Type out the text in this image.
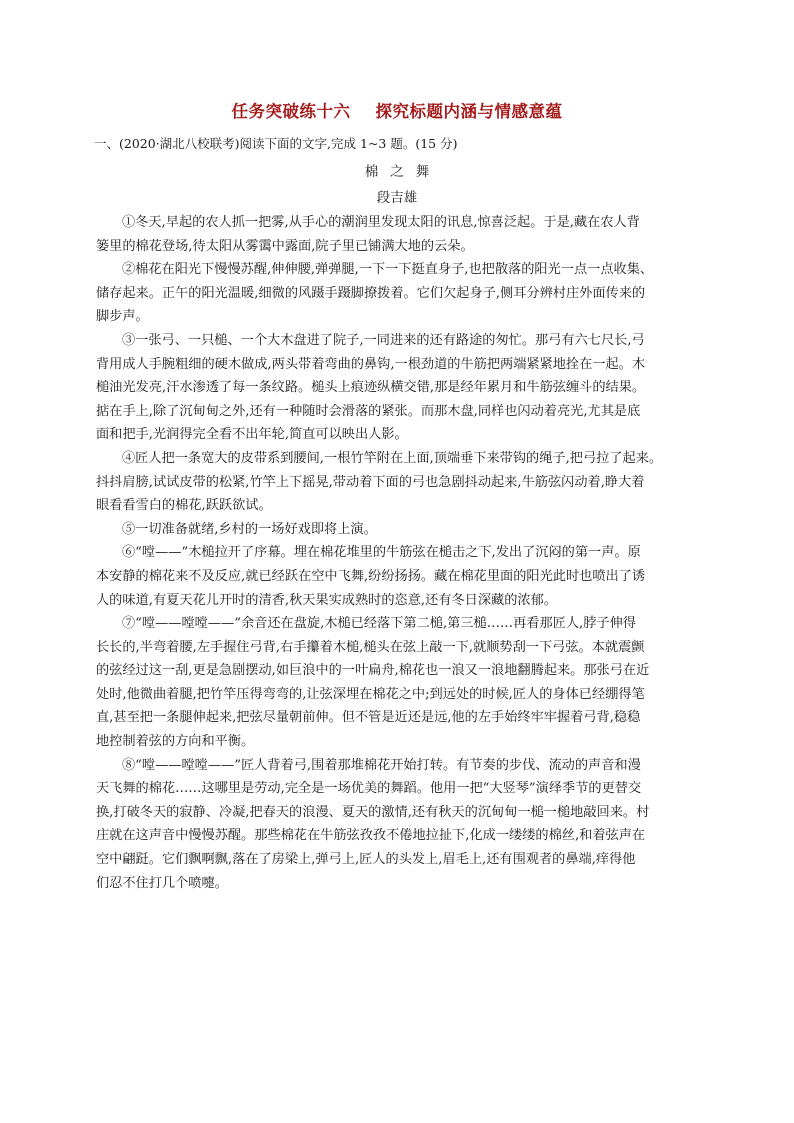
任务突破练十六    探究标题内涵与情感意蕴
一、(2020·湖北八校联考)阅读下面的文字,完成 1~3 题。(15 分)
棉之舞
段吉雄

①冬天,早起的农人抓一把雾,从手心的潮润里发现太阳的讯息,惊喜泛起。于是,藏在农人背
篓里的棉花登场,待太阳从雾霭中露面,院子里已铺满大地的云朵。

②棉花在阳光下慢慢苏醒,伸伸腰,弹弹腿,一下一下挺直身子,也把散落的阳光一点一点收集、
储存起来。正午的阳光温暖,细微的风蹑手蹑脚撩拨着。它们欠起身子,侧耳分辨村庄外面传来的
脚步声。

③一张弓、一只槌、一个大木盘进了院子,一同进来的还有路途的匆忙。那弓有六七尺长,弓
背用成人手腕粗细的硬木做成,两头带着弯曲的鼻钩,一根劲道的牛筋把两端紧紧地拴在一起。木
槌油光发亮,汗水渗透了每一条纹路。槌头上痕迹纵横交错,那是经年累月和牛筋弦缠斗的结果。
掂在手上,除了沉甸甸之外,还有一种随时会滑落的紧张。而那木盘,同样也闪动着亮光,尤其是底
面和把手,光润得完全看不出年轮,简直可以映出人影。

④匠人把一条宽大的皮带系到腰间,一根竹竿附在上面,顶端垂下来带钩的绳子,把弓拉了起来。
抖抖肩膀,试试皮带的松紧,竹竿上下摇晃,带动着下面的弓也急剧抖动起来,牛筋弦闪动着,睁大着
眼看看雪白的棉花,跃跃欲试。

⑤一切准备就绪,乡村的一场好戏即将上演。

⑥“嘡——”木槌拉开了序幕。埋在棉花堆里的牛筋弦在槌击之下,发出了沉闷的第一声。原
本安静的棉花来不及反应,就已经跃在空中飞舞,纷纷扬扬。藏在棉花里面的阳光此时也喷出了诱
人的味道,有夏天花儿开时的清香,秋天果实成熟时的恣意,还有冬日深藏的浓郁。

⑦“嘡——嘡嘡——”余音还在盘旋,木槌已经落下第二槌,第三槌……再看那匠人,脖子伸得
长长的,半弯着腰,左手握住弓背,右手攥着木槌,槌头在弦上敲一下,就顺势刮一下弓弦。本就震颤
的弦经过这一刮,更是急剧摆动,如巨浪中的一叶扁舟,棉花也一浪又一浪地翻腾起来。那张弓在近
处时,他微曲着腿,把竹竿压得弯弯的,让弦深埋在棉花之中;到远处的时候,匠人的身体已经绷得笔
直,甚至把一条腿伸起来,把弦尽量朝前伸。但不管是近还是远,他的左手始终牢牢握着弓背,稳稳
地控制着弦的方向和平衡。

⑧“嘡——嘡嘡——”匠人背着弓,围着那堆棉花开始打转。有节奏的步伐、流动的声音和漫
天飞舞的棉花……这哪里是劳动,完全是一场优美的舞蹈。他用一把“大竖琴”演绎季节的更替交
换,打破冬天的寂静、冷凝,把春天的浪漫、夏天的激情,还有秋天的沉甸甸一槌一槌地敲回来。村
庄就在这声音中慢慢苏醒。那些棉花在牛筋弦孜孜不倦地拉扯下,化成一缕缕的棉丝,和着弦声在
空中翩跹。它们飘啊飘,落在了房梁上,弹弓上,匠人的头发上,眉毛上,还有围观者的鼻端,痒得他
们忍不住打几个喷嚏。
